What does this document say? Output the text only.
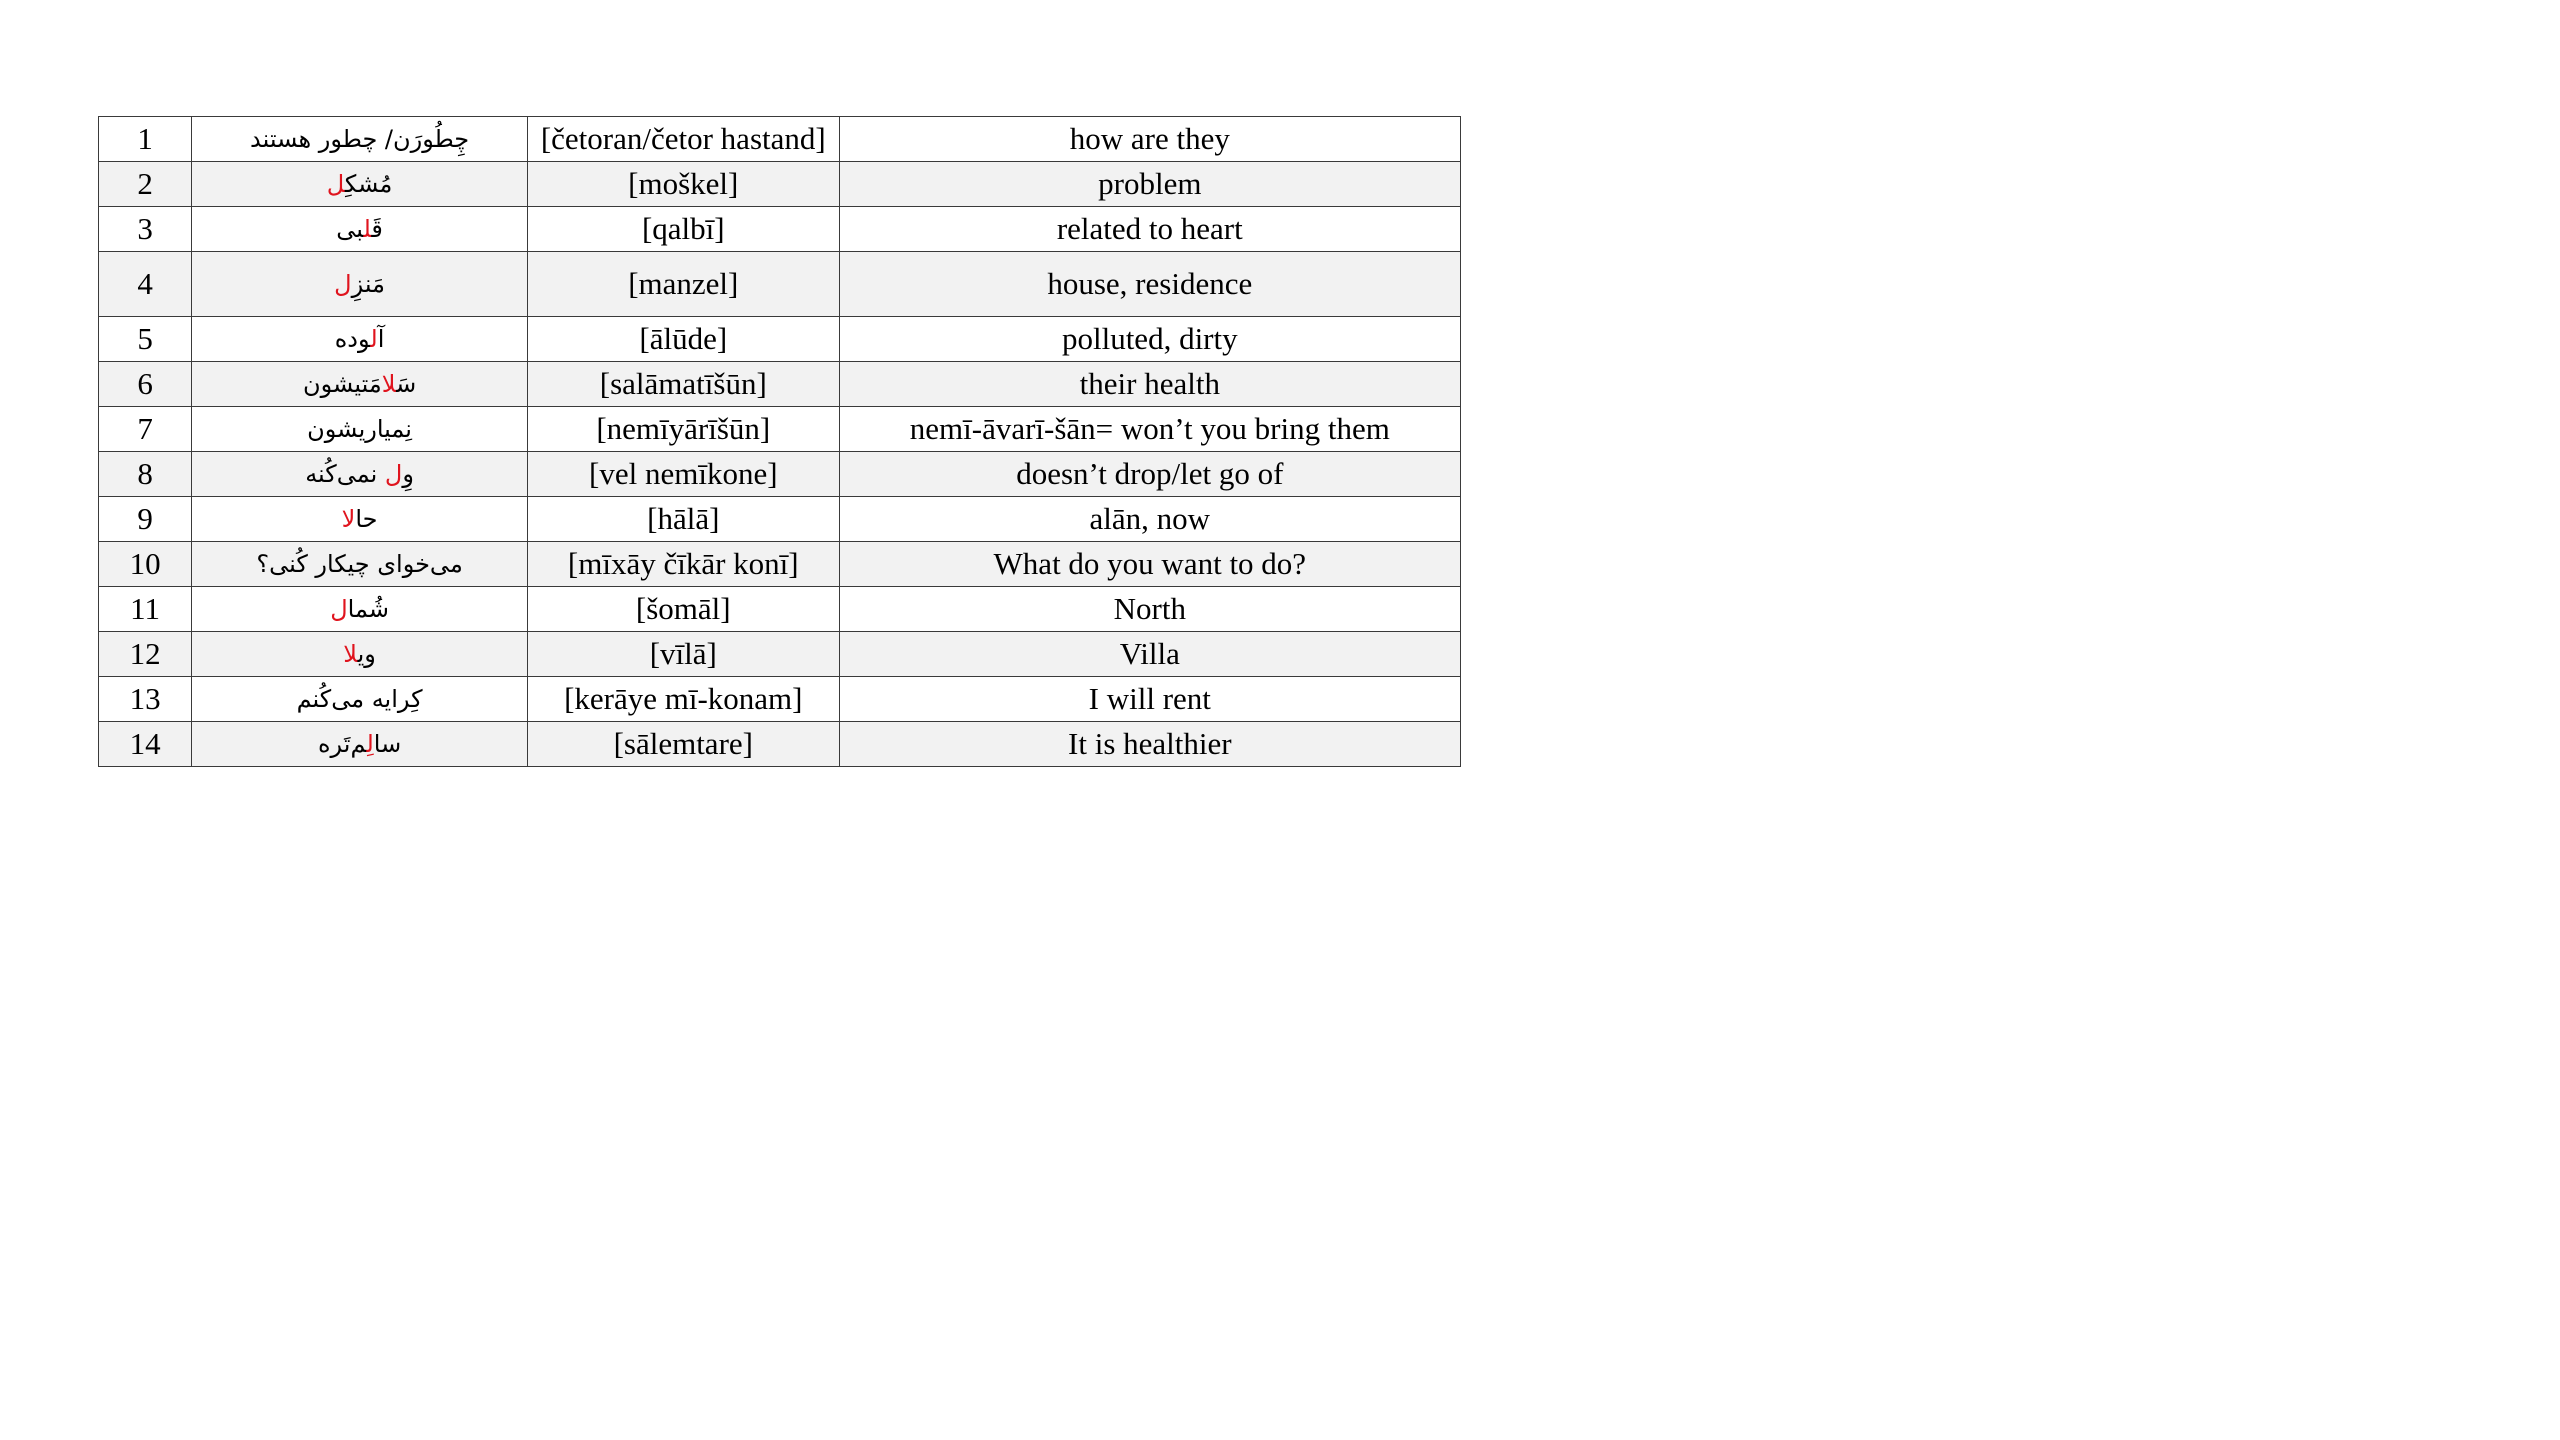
1	چِطُورَن/ چطور هستند	[četoran/četor hastand]	how are they
2	مُشکِل	[moškel]	problem
3	قَلبی	[qalbī]	related to heart
4	مَنزِل	[manzel]	house, residence
5	آلوده	[ālūde]	polluted, dirty
6	سَلامَتیشون	[salāmatīšūn]	their health
7	نِمیاریشون	[nemīyārīšūn]	nemī-āvarī-šān= won’t you bring them
8	وِل نمی‌کُنه	[vel nemīkone]	doesn’t drop/let go of
9	حالا	[hālā]	alān, now
10	می‌خوای چیکار کُنی؟	[mīxāy čīkār konī]	What do you want to do?
11	شُمال	[šomāl]	North
12	ویلا	[vīlā]	Villa
13	کِرایه می‌کُنم	[kerāye mī-konam]	I will rent
14	سالِم‌تَره	[sālemtare]	It is healthier
